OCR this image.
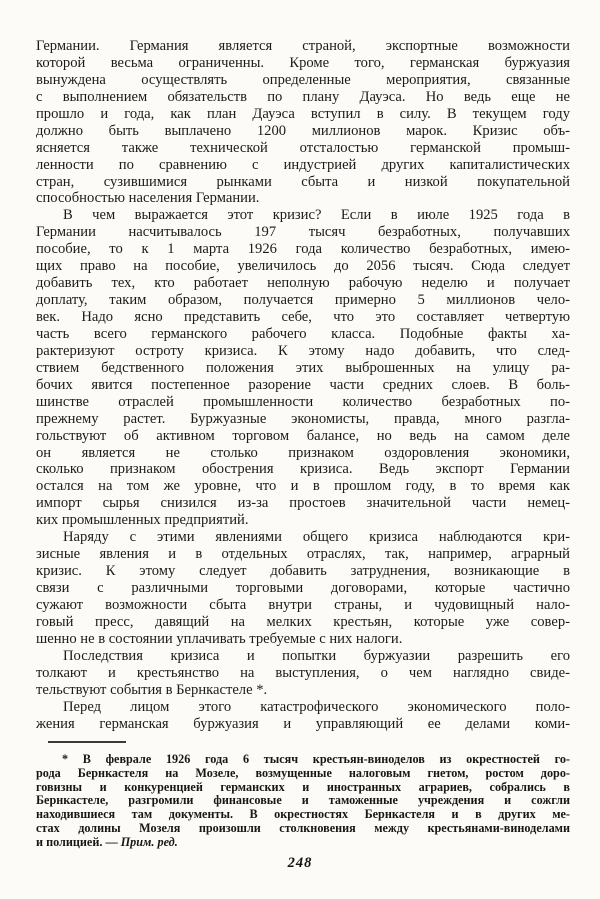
Германии. Германия является страной, экспортные возможности
которой весьма ограниченны. Кроме того, германская буржуазия
вынуждена осуществлять определенные мероприятия, связанные
с выполнением обязательств по плану Дауэса. Но ведь еще не
прошло и года, как план Дауэса вступил в силу. В текущем году
должно быть выплачено 1200 миллионов марок. Кризис объ-
ясняется также технической отсталостью германской промыш-
ленности по сравнению с индустрией других капиталистических
стран, сузившимися рынками сбыта и низкой покупательной
способностью населения Германии.
В чем выражается этот кризис? Если в июле 1925 года в
Германии насчитывалось 197 тысяч безработных, получавших
пособие, то к 1 марта 1926 года количество безработных, имею-
щих право на пособие, увеличилось до 2056 тысяч. Сюда следует
добавить тех, кто работает неполную рабочую неделю и получает
доплату, таким образом, получается примерно 5 миллионов чело-
век. Надо ясно представить себе, что это составляет четвертую
часть всего германского рабочего класса. Подобные факты ха-
рактеризуют остроту кризиса. К этому надо добавить, что след-
ствием бедственного положения этих выброшенных на улицу ра-
бочих явится постепенное разорение части средних слоев. В боль-
шинстве отраслей промышленности количество безработных по-
прежнему растет. Буржуазные экономисты, правда, много разгла-
гольствуют об активном торговом балансе, но ведь на самом деле
он является не столько признаком оздоровления экономики,
сколько признаком обострения кризиса. Ведь экспорт Германии
остался на том же уровне, что и в прошлом году, в то время как
импорт сырья снизился из-за простоев значительной части немец-
ких промышленных предприятий.
Наряду с этими явлениями общего кризиса наблюдаются кри-
зисные явления и в отдельных отраслях, так, например, аграрный
кризис. К этому следует добавить затруднения, возникающие в
связи с различными торговыми договорами, которые частично
сужают возможности сбыта внутри страны, и чудовищный нало-
говый пресс, давящий на мелких крестьян, которые уже совер-
шенно не в состоянии уплачивать требуемые с них налоги.
Последствия кризиса и попытки буржуазии разрешить его
толкают и крестьянство на выступления, о чем наглядно свиде-
тельствуют события в Бернкастеле *.
Перед лицом этого катастрофического экономического поло-
жения германская буржуазия и управляющий ее делами коми-
* В феврале 1926 года 6 тысяч крестьян-виноделов из окрестностей го-
рода Бернкастеля на Мозеле, возмущенные налоговым гнетом, ростом доро-
говизны и конкуренцией германских и иностранных аграриев, собрались в
Бернкастеле, разгромили финансовые и таможенные учреждения и сожгли
находившиеся там документы. В окрестностях Бернкастеля и в других ме-
стах долины Мозеля произошли столкновения между крестьянами-виноделами
и полицией. — Прим. ред.
248
